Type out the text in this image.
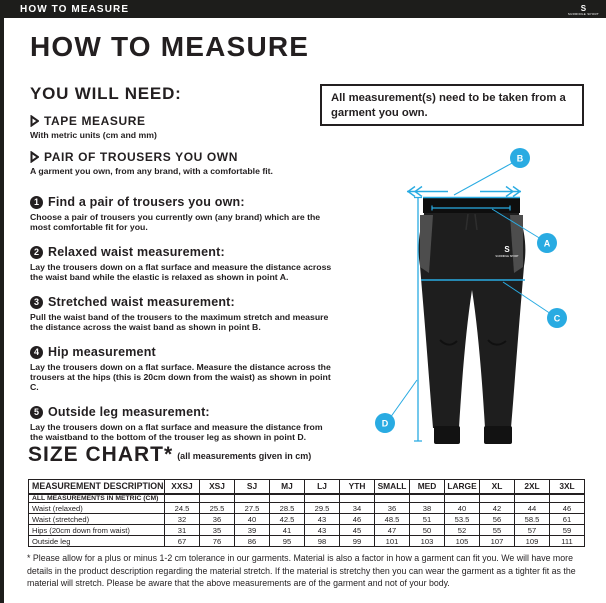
HOW TO MEASURE	S
SURRIDGE SPORT
HOW TO MEASURE
YOU WILL NEED:
TAPE MEASURE
With metric units (cm and mm)
PAIR OF TROUSERS YOU OWN
A garment you own, from any brand, with a comfortable fit.
All measurement(s) need to be taken from a garment you own.
1 Find a pair of trousers you own:
Choose a pair of trousers you currently own (any brand) which are the most comfortable fit for you.
2 Relaxed waist measurement:
Lay the trousers down on a flat surface and measure the distance across the waist band while the elastic is relaxed as shown in point A.
3 Stretched waist measurement:
Pull the waist band of the trousers to the maximum stretch and measure the distance across the waist band as shown in point B.
4 Hip measurement
Lay the trousers down on a flat surface. Measure the distance across the trousers at the hips (this is 20cm down from the waist) as shown in point C.
5 Outside leg measurement:
Lay the trousers down on a flat surface and measure the distance from the waistband to the bottom of the trouser leg as shown in point D.
S
SURRIDGE SPORT
B
A
C
D
SIZE CHART* (all measurements given in cm)
MEASUREMENT DESCRIPTION	XXSJ	XSJ	SJ	MJ	LJ	YTH	SMALL	MED	LARGE	XL	2XL	3XL
ALL MEASUREMENTS IN METRIC (CM)												
Waist (relaxed)	24.5	25.5	27.5	28.5	29.5	34	36	38	40	42	44	46
Waist (stretched)	32	36	40	42.5	43	46	48.5	51	53.5	56	58.5	61
Hips (20cm down from waist)	31	35	39	41	43	45	47	50	52	55	57	59
Outside leg	67	76	86	95	98	99	101	103	105	107	109	111

* Please allow for a plus or minus 1-2 cm tolerance in our garments. Material is also a factor in how a garment can fit you. We will have more details in the product description regarding the material stretch. If the material is stretchy then you can wear the garment as a tighter fit as the material will stretch. Please be aware that the above measurements are of the garment and not of your body.
